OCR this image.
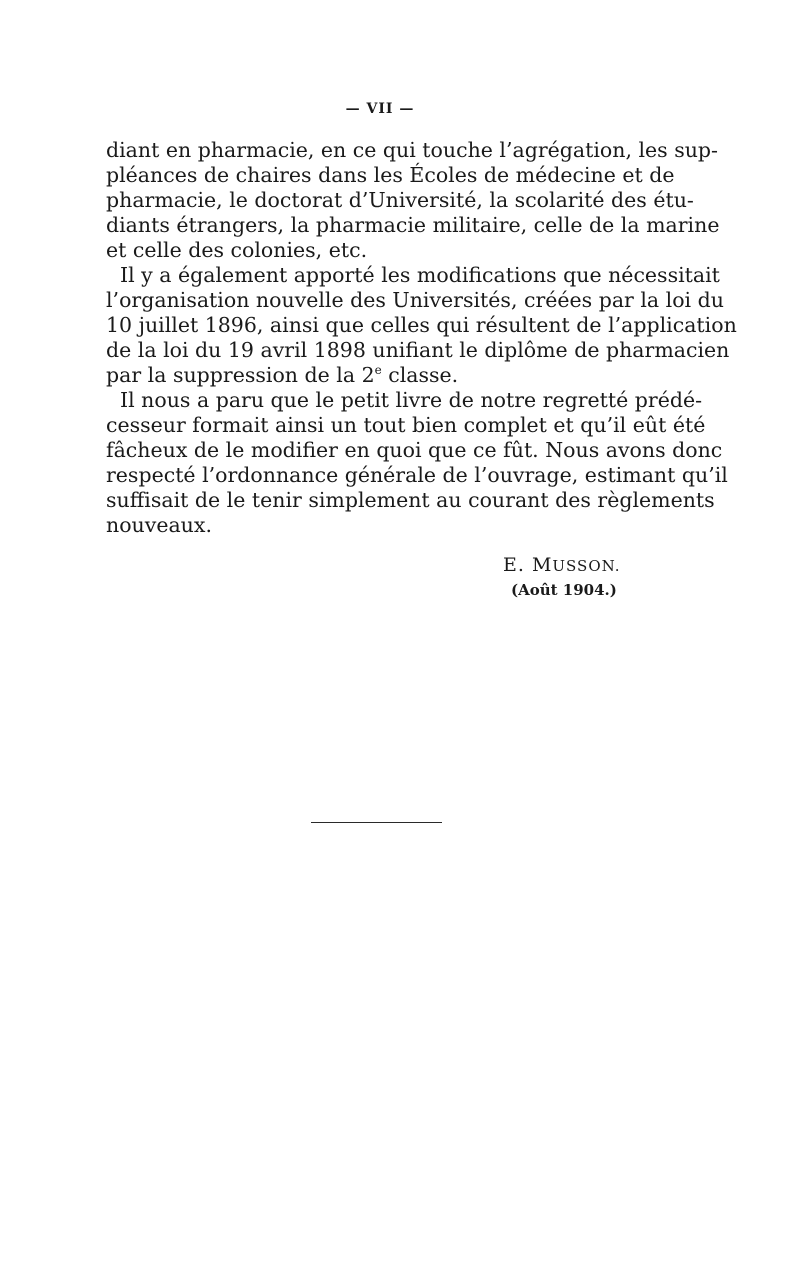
— VII —
diant en pharmacie, en ce qui touche l’agrégation, les sup-
pléances de chaires dans les Écoles de médecine et de
pharmacie, le doctorat d’Université, la scolarité des étu-
diants étrangers, la pharmacie militaire, celle de la marine
et celle des colonies, etc.
Il y a également apporté les modifications que nécessitait
l’organisation nouvelle des Universités, créées par la loi du
10 juillet 1896, ainsi que celles qui résultent de l’application
de la loi du 19 avril 1898 unifiant le diplôme de pharmacien
par la suppression de la 2e classe.
Il nous a paru que le petit livre de notre regretté prédé-
cesseur formait ainsi un tout bien complet et qu’il eût été
fâcheux de le modifier en quoi que ce fût. Nous avons donc
respecté l’ordonnance générale de l’ouvrage, estimant qu’il
suffisait de le tenir simplement au courant des règlements
nouveaux.
E. MUSSON.
(Août 1904.)
